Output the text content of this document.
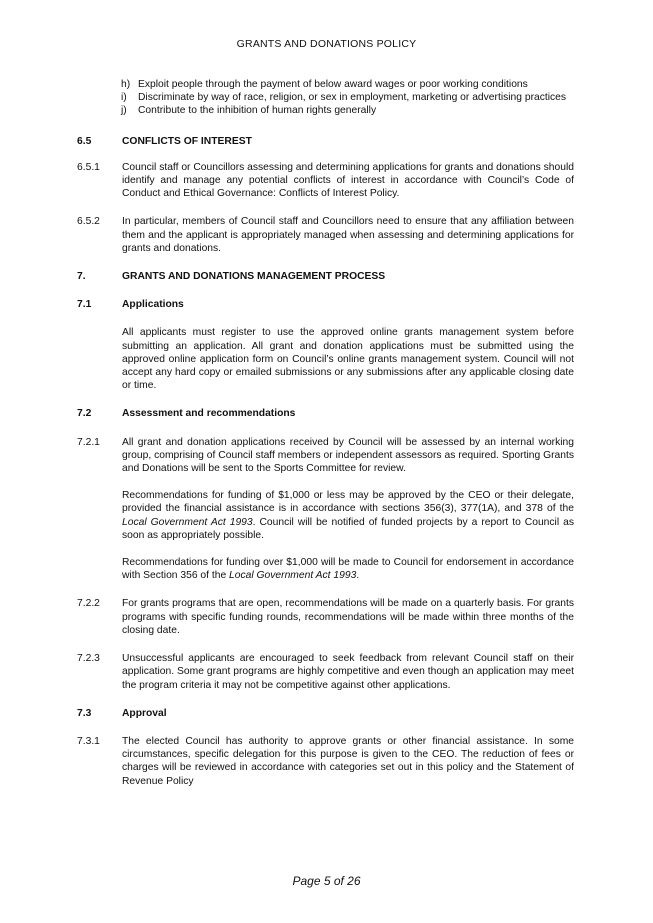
GRANTS AND DONATIONS POLICY
h) Exploit people through the payment of below award wages or poor working conditions
i) Discriminate by way of race, religion, or sex in employment, marketing or advertising practices
j) Contribute to the inhibition of human rights generally
6.5	CONFLICTS OF INTEREST
6.5.1 Council staff or Councillors assessing and determining applications for grants and donations should identify and manage any potential conflicts of interest in accordance with Council’s Code of Conduct and Ethical Governance: Conflicts of Interest Policy.
6.5.2 In particular, members of Council staff and Councillors need to ensure that any affiliation between them and the applicant is appropriately managed when assessing and determining applications for grants and donations.
7.	GRANTS AND DONATIONS MANAGEMENT PROCESS
7.1	Applications
All applicants must register to use the approved online grants management system before submitting an application. All grant and donation applications must be submitted using the approved online application form on Council’s online grants management system. Council will not accept any hard copy or emailed submissions or any submissions after any applicable closing date or time.
7.2	Assessment and recommendations
7.2.1 All grant and donation applications received by Council will be assessed by an internal working group, comprising of Council staff members or independent assessors as required. Sporting Grants and Donations will be sent to the Sports Committee for review.
Recommendations for funding of $1,000 or less may be approved by the CEO or their delegate, provided the financial assistance is in accordance with sections 356(3), 377(1A), and 378 of the Local Government Act 1993. Council will be notified of funded projects by a report to Council as soon as appropriately possible.
Recommendations for funding over $1,000 will be made to Council for endorsement in accordance with Section 356 of the Local Government Act 1993.
7.2.2 For grants programs that are open, recommendations will be made on a quarterly basis. For grants programs with specific funding rounds, recommendations will be made within three months of the closing date.
7.2.3 Unsuccessful applicants are encouraged to seek feedback from relevant Council staff on their application. Some grant programs are highly competitive and even though an application may meet the program criteria it may not be competitive against other applications.
7.3	Approval
7.3.1 The elected Council has authority to approve grants or other financial assistance. In some circumstances, specific delegation for this purpose is given to the CEO. The reduction of fees or charges will be reviewed in accordance with categories set out in this policy and the Statement of Revenue Policy
Page 5 of 26
